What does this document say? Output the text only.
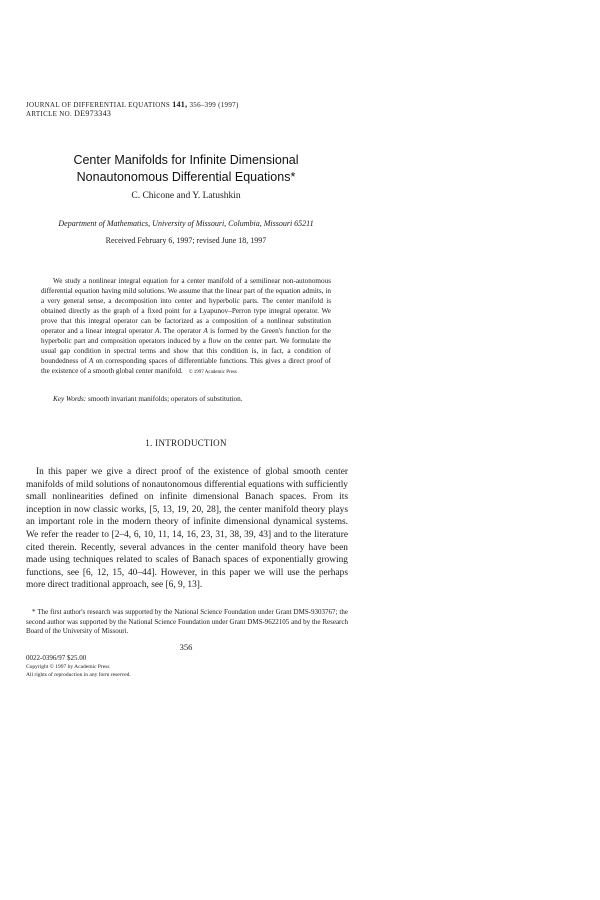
JOURNAL OF DIFFERENTIAL EQUATIONS 141, 356–399 (1997)
ARTICLE NO. DE973343
Center Manifolds for Infinite Dimensional Nonautonomous Differential Equations*
C. Chicone and Y. Latushkin
Department of Mathematics, University of Missouri, Columbia, Missouri 65211
Received February 6, 1997; revised June 18, 1997

We study a nonlinear integral equation for a center manifold of a semilinear non-autonomous differential equation having mild solutions. We assume that the linear part of the equation admits, in a very general sense, a decomposition into center and hyperbolic parts. The center manifold is obtained directly as the graph of a fixed point for a Lyapunov–Perron type integral operator. We prove that this integral operator can be factorized as a composition of a nonlinear substitution operator and a linear integral operator A. The operator A is formed by the Green's function for the hyperbolic part and composition operators induced by a flow on the center part. We formulate the usual gap condition in spectral terms and show that this condition is, in fact, a condition of boundedness of A on corresponding spaces of differentiable functions. This gives a direct proof of the existence of a smooth global center manifold. © 1997 Academic Press

Key Words: smooth invariant manifolds; operators of substitution.

1. INTRODUCTION

In this paper we give a direct proof of the existence of global smooth center manifolds of mild solutions of nonautonomous differential equations with sufficiently small nonlinearities defined on infinite dimensional Banach spaces. From its inception in now classic works, [5, 13, 19, 20, 28], the center manifold theory plays an important role in the modern theory of infinite dimensional dynamical systems. We refer the reader to [2–4, 6, 10, 11, 14, 16, 23, 31, 38, 39, 43] and to the literature cited therein. Recently, several advances in the center manifold theory have been made using techniques related to scales of Banach spaces of exponentially growing functions, see [6, 12, 15, 40–44]. However, in this paper we will use the perhaps more direct traditional approach, see [6, 9, 13].

* The first author's research was supported by the National Science Foundation under Grant DMS-9303767; the second author was supported by the National Science Foundation under Grant DMS-9622105 and by the Research Board of the University of Missouri.

356
0022-0396/97 $25.00
Copyright © 1997 by Academic Press
All rights of reproduction in any form reserved.
